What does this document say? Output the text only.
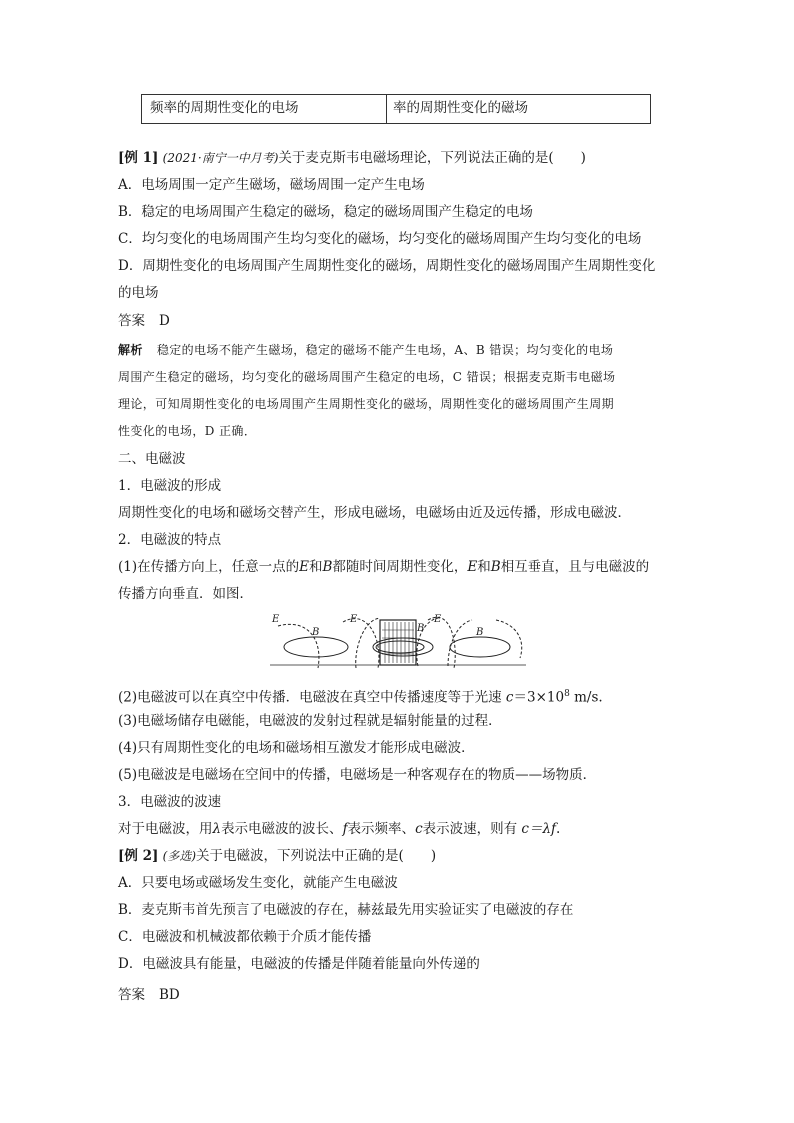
频率的周期性变化的电场	率的周期性变化的磁场
[例 1] (2021·南宁一中月考)关于麦克斯韦电磁场理论，下列说法正确的是(　　)
A．电场周围一定产生磁场，磁场周围一定产生电场
B．稳定的电场周围产生稳定的磁场，稳定的磁场周围产生稳定的电场
C．均匀变化的电场周围产生均匀变化的磁场，均匀变化的磁场周围产生均匀变化的电场
D．周期性变化的电场周围产生周期性变化的磁场，周期性变化的磁场周围产生周期性变化
的电场
答案 D
解析 稳定的电场不能产生磁场，稳定的磁场不能产生电场，A、B 错误；均匀变化的电场
周围产生稳定的磁场，均匀变化的磁场周围产生稳定的电场，C 错误；根据麦克斯韦电磁场
理论，可知周期性变化的电场周围产生周期性变化的磁场，周期性变化的磁场周围产生周期
性变化的电场，D 正确．
二、电磁波
1．电磁波的形成
周期性变化的电场和磁场交替产生，形成电磁场，电磁场由近及远传播，形成电磁波．
2．电磁波的特点
(1)在传播方向上，任意一点的E和B都随时间周期性变化，E和B相互垂直，且与电磁波的
传播方向垂直．如图．
E
B
E
B
E
B
(2)电磁波可以在真空中传播．电磁波在真空中传播速度等于光速 $c=3\times 10^8$ m/s.
(3)电磁场储存电磁能，电磁波的发射过程就是辐射能量的过程．
(4)只有周期性变化的电场和磁场相互激发才能形成电磁波．
(5)电磁波是电磁场在空间中的传播，电磁场是一种客观存在的物质——场物质．
3．电磁波的波速
对于电磁波，用λ表示电磁波的波长、f表示频率、c表示波速，则有 c＝λf.
[例 2] (多选)关于电磁波，下列说法中正确的是(　　)
A．只要电场或磁场发生变化，就能产生电磁波
B．麦克斯韦首先预言了电磁波的存在，赫兹最先用实验证实了电磁波的存在
C．电磁波和机械波都依赖于介质才能传播
D．电磁波具有能量，电磁波的传播是伴随着能量向外传递的
答案 BD
